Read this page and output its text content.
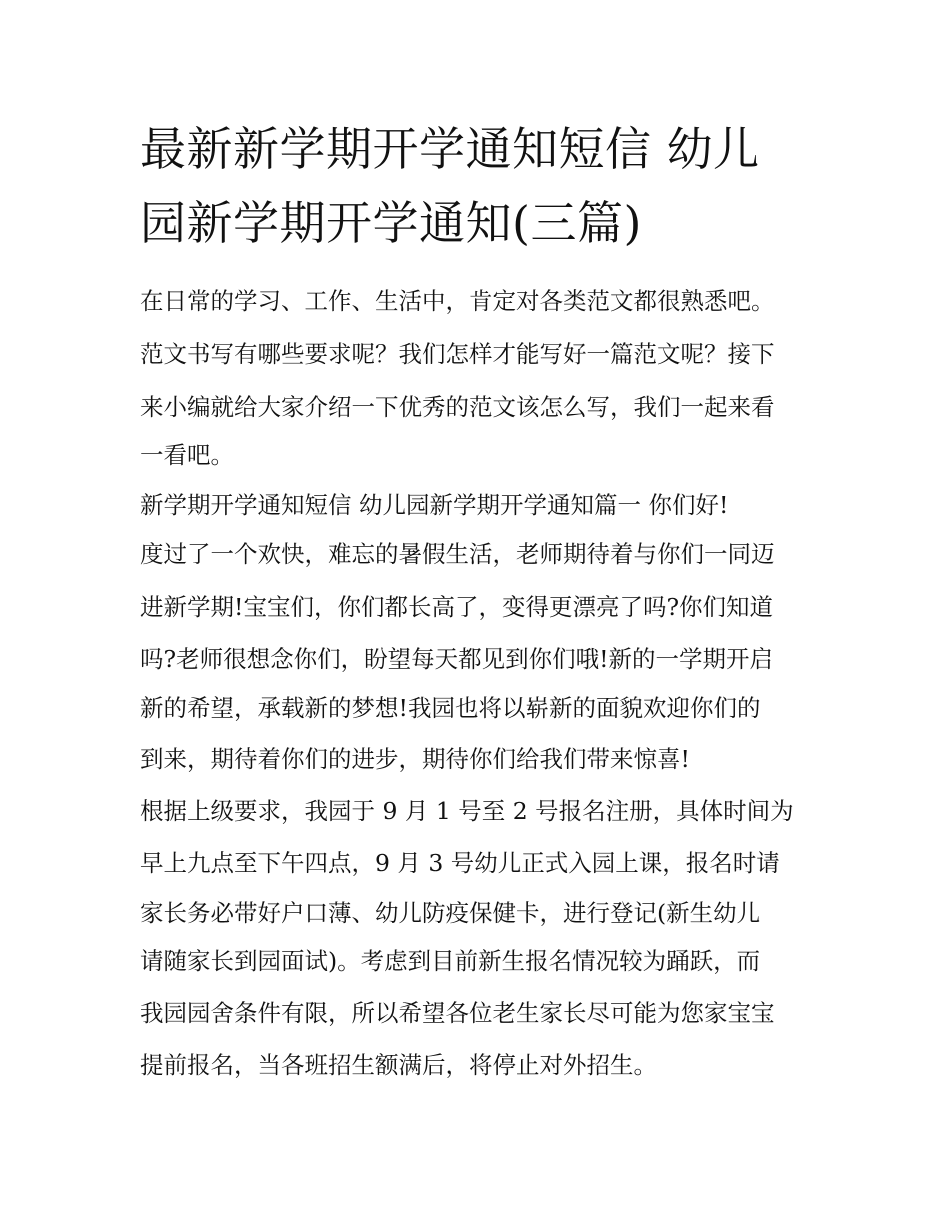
最新新学期开学通知短信 幼儿
园新学期开学通知(三篇)

在日常的学习、工作、生活中，肯定对各类范文都很熟悉吧。

范文书写有哪些要求呢？我们怎样才能写好一篇范文呢？接下

来小编就给大家介绍一下优秀的范文该怎么写，我们一起来看

一看吧。

新学期开学通知短信 幼儿园新学期开学通知篇一 你们好!

度过了一个欢快，难忘的暑假生活，老师期待着与你们一同迈

进新学期!宝宝们，你们都长高了，变得更漂亮了吗?你们知道

吗?老师很想念你们，盼望每天都见到你们哦!新的一学期开启

新的希望，承载新的梦想!我园也将以崭新的面貌欢迎你们的

到来，期待着你们的进步，期待你们给我们带来惊喜!

根据上级要求，我园于 9 月 1 号至 2 号报名注册，具体时间为

早上九点至下午四点，9 月 3 号幼儿正式入园上课，报名时请

家长务必带好户口薄、幼儿防疫保健卡，进行登记(新生幼儿

请随家长到园面试)。考虑到目前新生报名情况较为踊跃，而

我园园舍条件有限，所以希望各位老生家长尽可能为您家宝宝

提前报名，当各班招生额满后，将停止对外招生。
